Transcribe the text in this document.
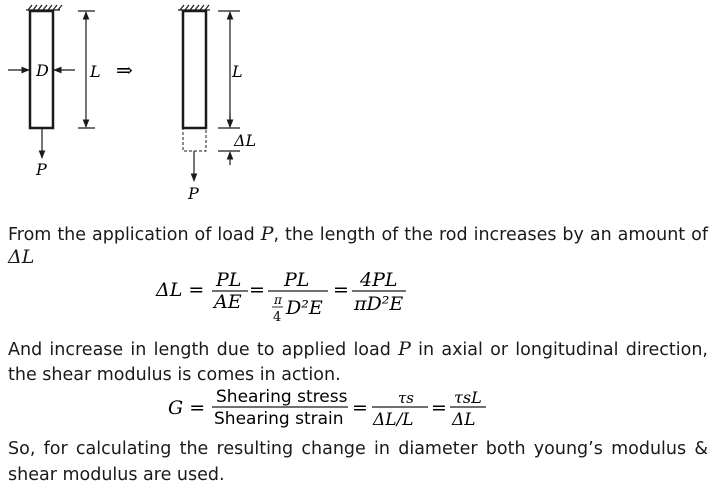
D	L
P
⇒	L
ΔL
P
From the application of load P, the length of the rod increases by an amount of
ΔL
ΔL = PL
AE
= PL
π
4 D²E
= 4PL
πD²E
And increase in length due to applied load P in axial or longitudinal direction,
the shear modulus is comes in action.
G = Shearing stress
Shearing strain = τs
ΔL/L
= τsL
ΔL
So, for calculating the resulting change in diameter both young’s modulus &
shear modulus are used.
